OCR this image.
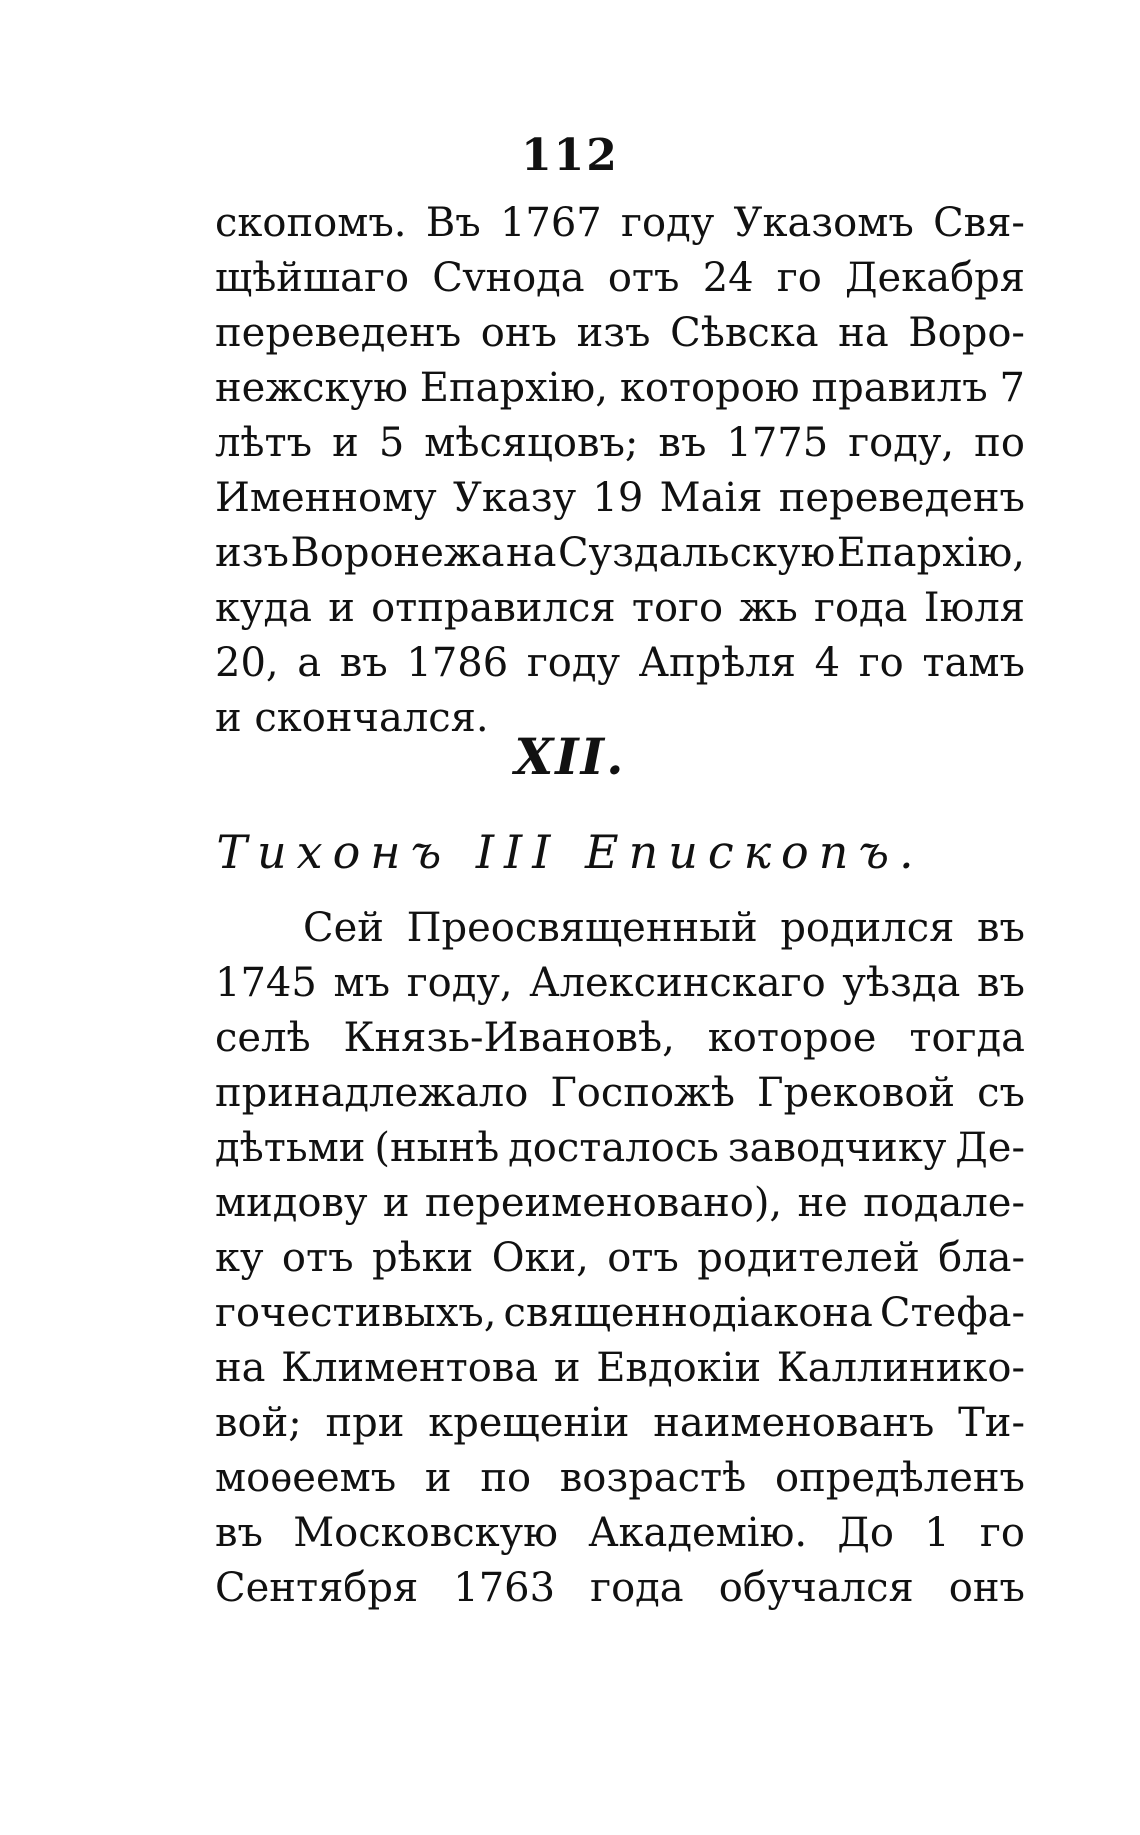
112
скопомъ. Въ 1767 году Указомъ Свя-
щѣйшаго Сvнода отъ 24 го Декабря
переведенъ онъ изъ Сѣвска на Воро-
нежскую Епархію, которою правилъ 7
лѣтъ и 5 мѣсяцовъ; въ 1775 году, по
Именному Указу 19 Маія переведенъ
изъ Воронежа на Суздальскую Епархію,
куда и отправился того жь года Іюля
20, а въ 1786 году Апрѣля 4 го тамъ
и скончался.
XII.
Тихонъ III Епископъ.
Сей Преосвященный родился въ
1745 мъ году, Алексинскаго уѣзда въ
селѣ Князь-Ивановѣ, которое тогда
принадлежало Госпожѣ Грековой съ
дѣтьми (нынѣ досталось заводчику Де-
мидову и переименовано), не подале-
ку отъ рѣки Оки, отъ родителей бла-
гочестивыхъ, священнодіакона Стефа-
на Климентова и Евдокіи Каллинико-
вой; при крещеніи наименованъ Ти-
моѳеемъ и по возрастѣ опредѣленъ
въ Московскую Академію. До 1 го
Сентября 1763 года обучался онъ
